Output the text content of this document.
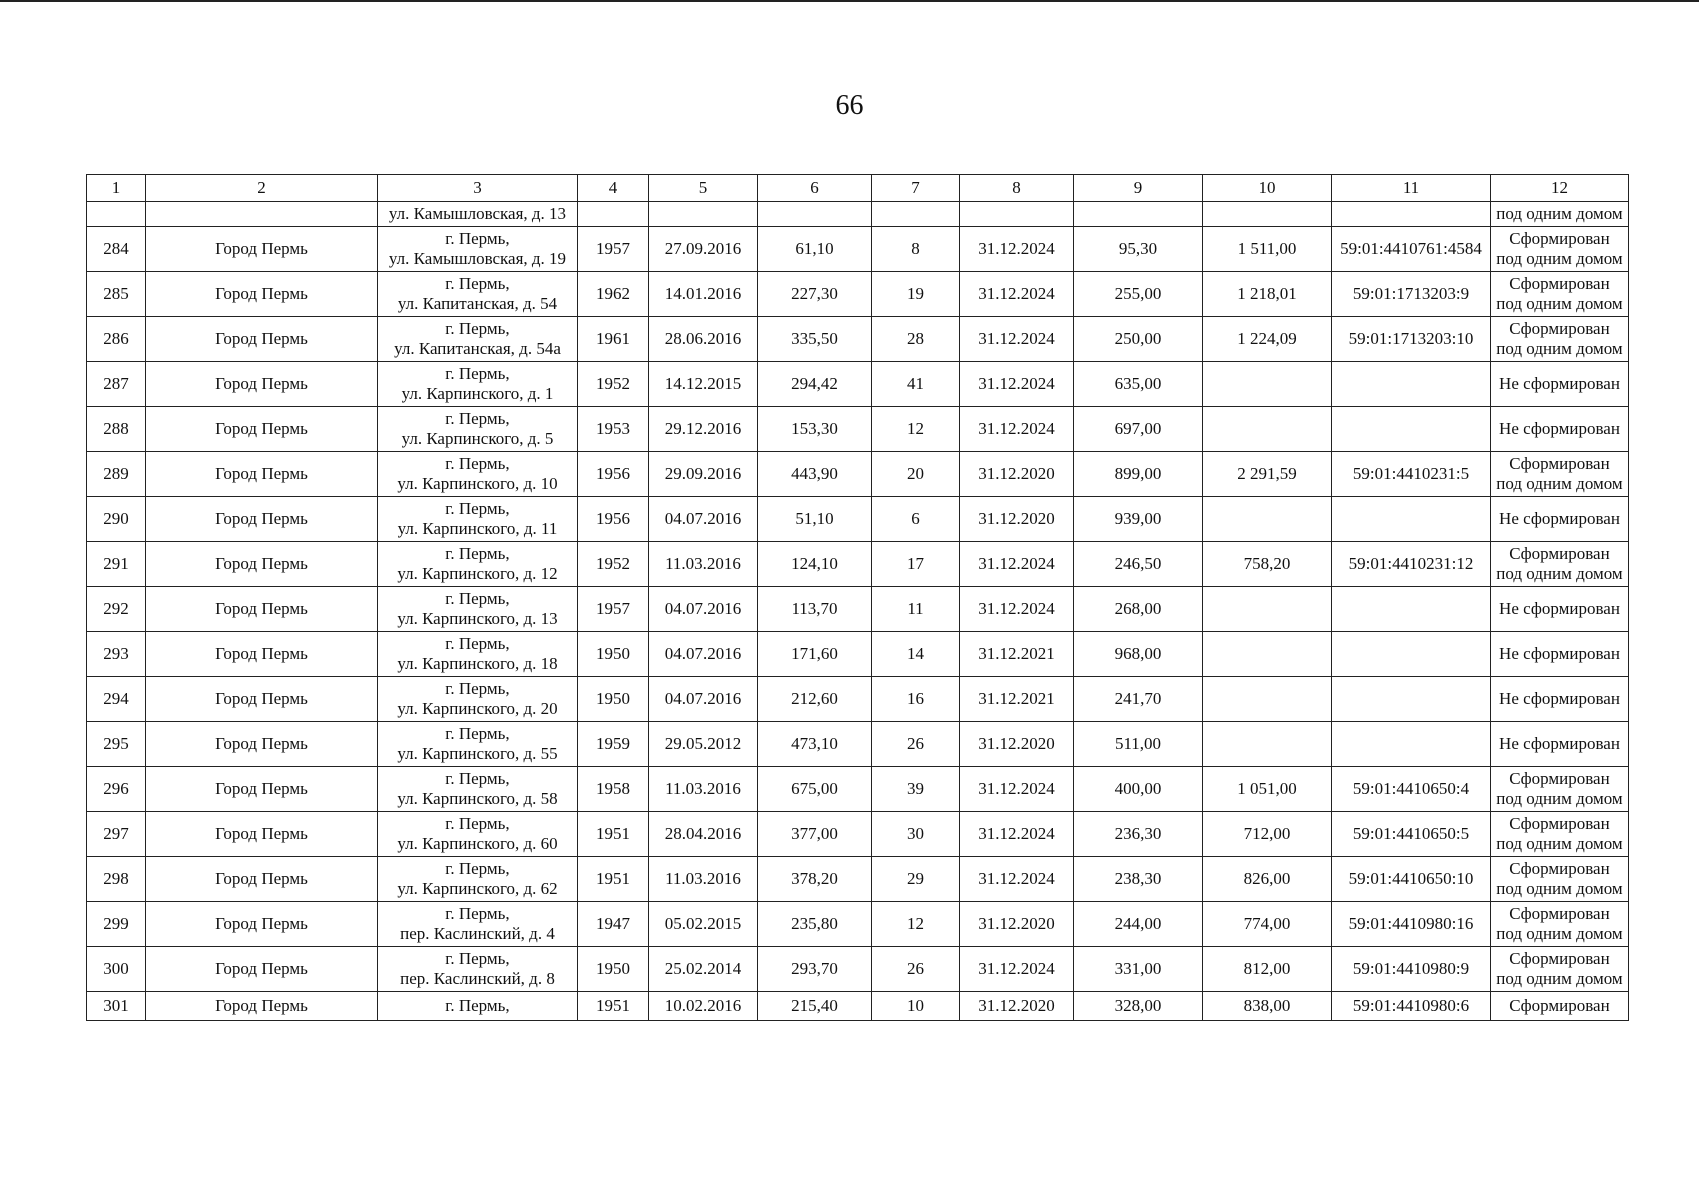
66
1	2	3	4	5	6	7	8	9	10	11	12
		ул. Камышловская, д. 13									под одним домом
284	Город Пермь	г. Пермь,
ул. Камышловская, д. 19	1957	27.09.2016	61,10	8	31.12.2024	95,30	1 511,00	59:01:4410761:4584	Сформирован
под одним домом

285	Город Пермь	г. Пермь,
ул. Капитанская, д. 54	1962	14.01.2016	227,30	19	31.12.2024	255,00	1 218,01	59:01:1713203:9	Сформирован
под одним домом

286	Город Пермь	г. Пермь,
ул. Капитанская, д. 54а	1961	28.06.2016	335,50	28	31.12.2024	250,00	1 224,09	59:01:1713203:10	Сформирован
под одним домом

287	Город Пермь	г. Пермь,
ул. Карпинского, д. 1	1952	14.12.2015	294,42	41	31.12.2024	635,00			Не сформирован

288	Город Пермь	г. Пермь,
ул. Карпинского, д. 5	1953	29.12.2016	153,30	12	31.12.2024	697,00			Не сформирован

289	Город Пермь	г. Пермь,
ул. Карпинского, д. 10	1956	29.09.2016	443,90	20	31.12.2020	899,00	2 291,59	59:01:4410231:5	Сформирован
под одним домом

290	Город Пермь	г. Пермь,
ул. Карпинского, д. 11	1956	04.07.2016	51,10	6	31.12.2020	939,00			Не сформирован

291	Город Пермь	г. Пермь,
ул. Карпинского, д. 12	1952	11.03.2016	124,10	17	31.12.2024	246,50	758,20	59:01:4410231:12	Сформирован
под одним домом

292	Город Пермь	г. Пермь,
ул. Карпинского, д. 13	1957	04.07.2016	113,70	11	31.12.2024	268,00			Не сформирован

293	Город Пермь	г. Пермь,
ул. Карпинского, д. 18	1950	04.07.2016	171,60	14	31.12.2021	968,00			Не сформирован

294	Город Пермь	г. Пермь,
ул. Карпинского, д. 20	1950	04.07.2016	212,60	16	31.12.2021	241,70			Не сформирован

295	Город Пермь	г. Пермь,
ул. Карпинского, д. 55	1959	29.05.2012	473,10	26	31.12.2020	511,00			Не сформирован

296	Город Пермь	г. Пермь,
ул. Карпинского, д. 58	1958	11.03.2016	675,00	39	31.12.2024	400,00	1 051,00	59:01:4410650:4	Сформирован
под одним домом

297	Город Пермь	г. Пермь,
ул. Карпинского, д. 60	1951	28.04.2016	377,00	30	31.12.2024	236,30	712,00	59:01:4410650:5	Сформирован
под одним домом

298	Город Пермь	г. Пермь,
ул. Карпинского, д. 62	1951	11.03.2016	378,20	29	31.12.2024	238,30	826,00	59:01:4410650:10	Сформирован
под одним домом

299	Город Пермь	г. Пермь,
пер. Каслинский, д. 4	1947	05.02.2015	235,80	12	31.12.2020	244,00	774,00	59:01:4410980:16	Сформирован
под одним домом

300	Город Пермь	г. Пермь,
пер. Каслинский, д. 8	1950	25.02.2014	293,70	26	31.12.2024	331,00	812,00	59:01:4410980:9	Сформирован
под одним домом

301	Город Пермь	г. Пермь,	1951	10.02.2016	215,40	10	31.12.2020	328,00	838,00	59:01:4410980:6	Сформирован
